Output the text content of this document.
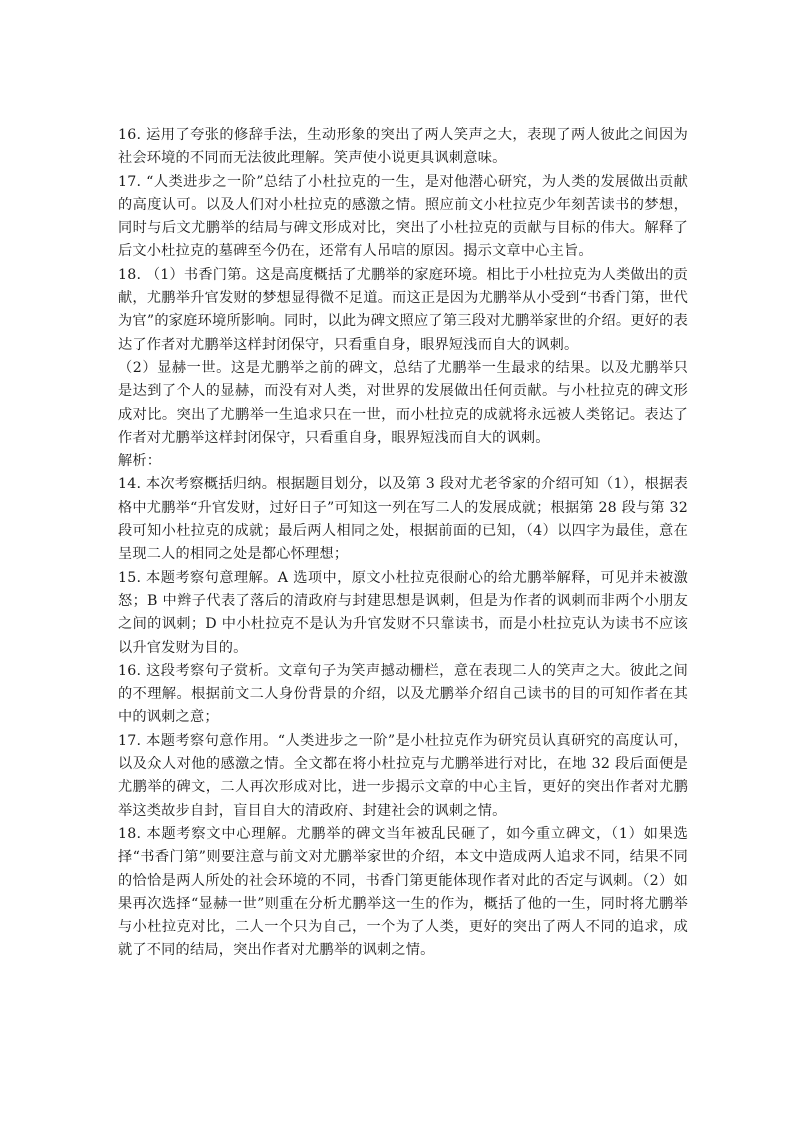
16. 运用了夸张的修辞手法，生动形象的突出了两人笑声之大，表现了两人彼此之间因为社会环境的不同而无法彼此理解。笑声使小说更具讽刺意味。

17. “人类进步之一阶”总结了小杜拉克的一生，是对他潜心研究，为人类的发展做出贡献的高度认可。以及人们对小杜拉克的感激之情。照应前文小杜拉克少年刻苦读书的梦想，同时与后文尤鹏举的结局与碑文形成对比，突出了小杜拉克的贡献与目标的伟大。解释了后文小杜拉克的墓碑至今仍在，还常有人吊唁的原因。揭示文章中心主旨。

18. （1）书香门第。这是高度概括了尤鹏举的家庭环境。相比于小杜拉克为人类做出的贡献，尤鹏举升官发财的梦想显得微不足道。而这正是因为尤鹏举从小受到“书香门第，世代为官”的家庭环境所影响。同时，以此为碑文照应了第三段对尤鹏举家世的介绍。更好的表达了作者对尤鹏举这样封闭保守，只看重自身，眼界短浅而自大的讽刺。

（2）显赫一世。这是尤鹏举之前的碑文，总结了尤鹏举一生最求的结果。以及尤鹏举只是达到了个人的显赫，而没有对人类，对世界的发展做出任何贡献。与小杜拉克的碑文形成对比。突出了尤鹏举一生追求只在一世，而小杜拉克的成就将永远被人类铭记。表达了作者对尤鹏举这样封闭保守，只看重自身，眼界短浅而自大的讽刺。

解析：

14. 本次考察概括归纳。根据题目划分，以及第 3 段对尤老爷家的介绍可知（1），根据表格中尤鹏举“升官发财，过好日子”可知这一列在写二人的发展成就；根据第 28 段与第 32 段可知小杜拉克的成就；最后两人相同之处，根据前面的已知，（4）以四字为最佳，意在呈现二人的相同之处是都心怀理想；

15. 本题考察句意理解。A 选项中，原文小杜拉克很耐心的给尤鹏举解释，可见并未被激怒；B 中辫子代表了落后的清政府与封建思想是讽刺，但是为作者的讽刺而非两个小朋友之间的讽刺；D 中小杜拉克不是认为升官发财不只靠读书，而是小杜拉克认为读书不应该以升官发财为目的。

16. 这段考察句子赏析。文章句子为笑声撼动栅栏，意在表现二人的笑声之大。彼此之间的不理解。根据前文二人身份背景的介绍，以及尤鹏举介绍自己读书的目的可知作者在其中的讽刺之意；

17. 本题考察句意作用。“人类进步之一阶”是小杜拉克作为研究员认真研究的高度认可，以及众人对他的感激之情。全文都在将小杜拉克与尤鹏举进行对比，在地 32 段后面便是尤鹏举的碑文，二人再次形成对比，进一步揭示文章的中心主旨，更好的突出作者对尤鹏举这类故步自封，盲目自大的清政府、封建社会的讽刺之情。

18. 本题考察文中心理解。尤鹏举的碑文当年被乱民砸了，如今重立碑文，（1）如果选择“书香门第”则要注意与前文对尤鹏举家世的介绍，本文中造成两人追求不同，结果不同的恰恰是两人所处的社会环境的不同，书香门第更能体现作者对此的否定与讽刺。（2）如果再次选择“显赫一世”则重在分析尤鹏举这一生的作为，概括了他的一生，同时将尤鹏举与小杜拉克对比，二人一个只为自己，一个为了人类，更好的突出了两人不同的追求，成就了不同的结局，突出作者对尤鹏举的讽刺之情。
